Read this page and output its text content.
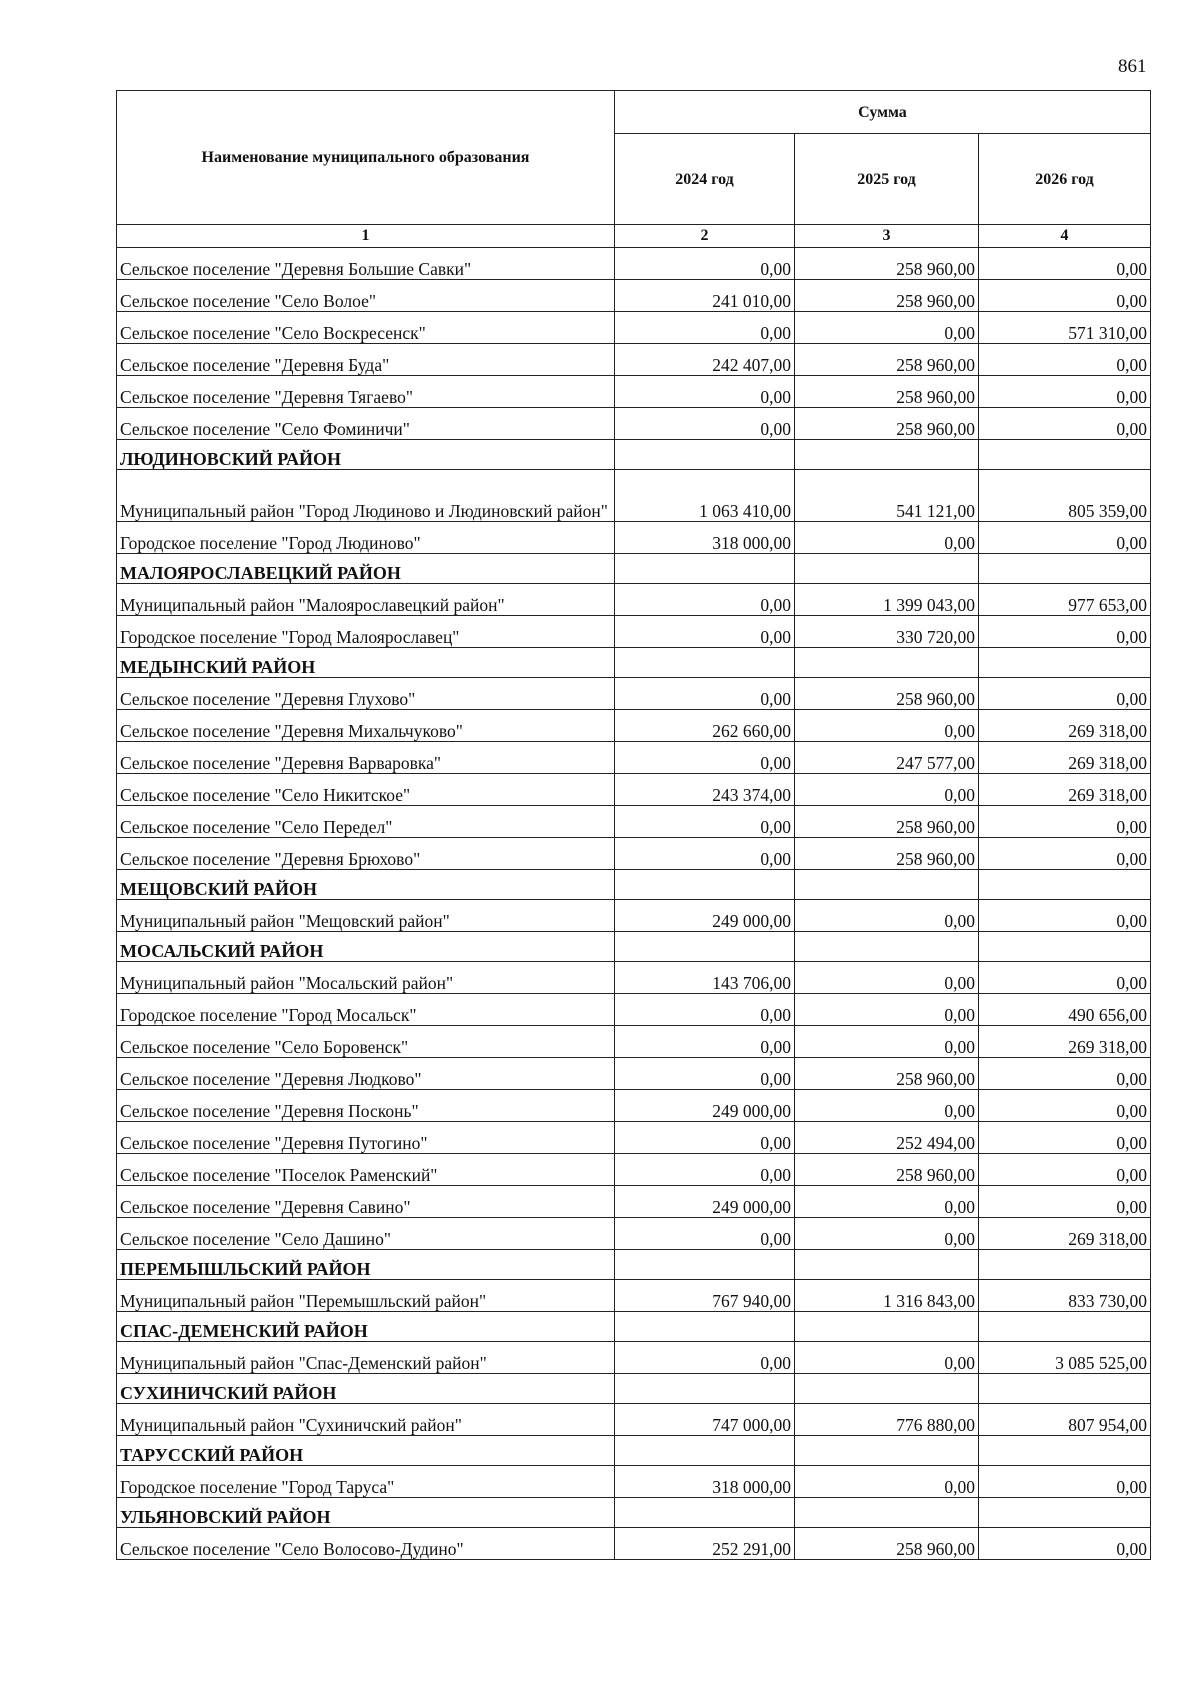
861
Наименование муниципального образования	Сумма		
	2024 год	2025 год	2026 год
1	2	3	4
Сельское поселение "Деревня Большие Савки"	0,00	258 960,00	0,00
Сельское поселение "Село Волое"	241 010,00	258 960,00	0,00
Сельское поселение "Село Воскресенск"	0,00	0,00	571 310,00
Сельское поселение "Деревня Буда"	242 407,00	258 960,00	0,00
Сельское поселение "Деревня Тягаево"	0,00	258 960,00	0,00
Сельское поселение "Село Фоминичи"	0,00	258 960,00	0,00
ЛЮДИНОВСКИЙ РАЙОН			
Муниципальный район "Город Людиново и Людиновский район"	1 063 410,00	541 121,00	805 359,00
Городское поселение "Город Людиново"	318 000,00	0,00	0,00
МАЛОЯРОСЛАВЕЦКИЙ РАЙОН			
Муниципальный район "Малоярославецкий район"	0,00	1 399 043,00	977 653,00
Городское поселение "Город Малоярославец"	0,00	330 720,00	0,00
МЕДЫНСКИЙ РАЙОН			
Сельское поселение "Деревня Глухово"	0,00	258 960,00	0,00
Сельское поселение "Деревня Михальчуково"	262 660,00	0,00	269 318,00
Сельское поселение "Деревня Варваровка"	0,00	247 577,00	269 318,00
Сельское поселение "Село Никитское"	243 374,00	0,00	269 318,00
Сельское поселение "Село Передел"	0,00	258 960,00	0,00
Сельское поселение "Деревня Брюхово"	0,00	258 960,00	0,00
МЕЩОВСКИЙ РАЙОН			
Муниципальный район "Мещовский район"	249 000,00	0,00	0,00
МОСАЛЬСКИЙ РАЙОН			
Муниципальный район "Мосальский район"	143 706,00	0,00	0,00
Городское поселение "Город Мосальск"	0,00	0,00	490 656,00
Сельское поселение "Село Боровенск"	0,00	0,00	269 318,00
Сельское поселение "Деревня Людково"	0,00	258 960,00	0,00
Сельское поселение "Деревня Посконь"	249 000,00	0,00	0,00
Сельское поселение "Деревня Путогино"	0,00	252 494,00	0,00
Сельское поселение "Поселок Раменский"	0,00	258 960,00	0,00
Сельское поселение "Деревня Савино"	249 000,00	0,00	0,00
Сельское поселение "Село Дашино"	0,00	0,00	269 318,00
ПЕРЕМЫШЛЬСКИЙ РАЙОН			
Муниципальный район "Перемышльский район"	767 940,00	1 316 843,00	833 730,00
СПАС-ДЕМЕНСКИЙ РАЙОН			
Муниципальный район "Спас-Деменский район"	0,00	0,00	3 085 525,00
СУХИНИЧСКИЙ РАЙОН			
Муниципальный район "Сухиничский район"	747 000,00	776 880,00	807 954,00
ТАРУССКИЙ РАЙОН			
Городское поселение "Город Таруса"	318 000,00	0,00	0,00
УЛЬЯНОВСКИЙ РАЙОН			
Сельское поселение "Село Волосово-Дудино"	252 291,00	258 960,00	0,00
